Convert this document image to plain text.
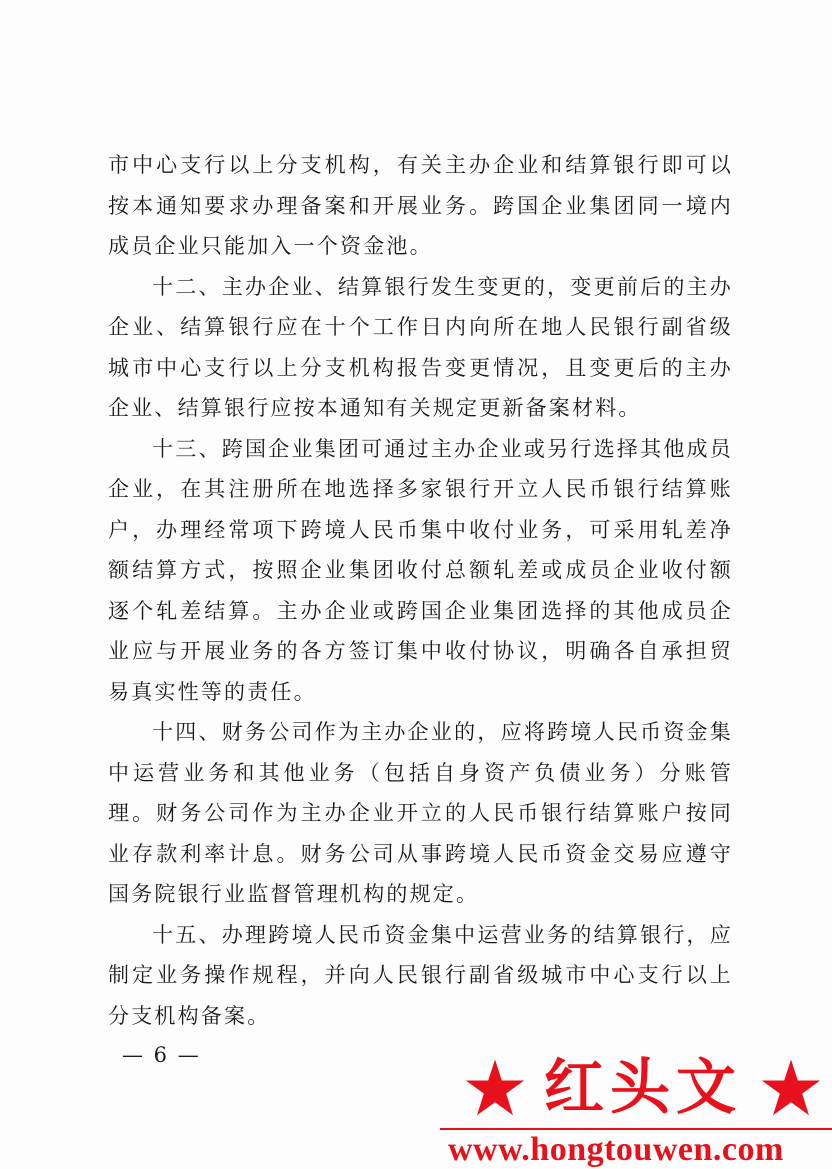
市中心支行以上分支机构，有关主办企业和结算银行即可以按本通知要求办理备案和开展业务。跨国企业集团同一境内成员企业只能加入一个资金池。

十二、主办企业、结算银行发生变更的，变更前后的主办企业、结算银行应在十个工作日内向所在地人民银行副省级城市中心支行以上分支机构报告变更情况，且变更后的主办企业、结算银行应按本通知有关规定更新备案材料。

十三、跨国企业集团可通过主办企业或另行选择其他成员企业，在其注册所在地选择多家银行开立人民币银行结算账户，办理经常项下跨境人民币集中收付业务，可采用轧差净额结算方式，按照企业集团收付总额轧差或成员企业收付额逐个轧差结算。主办企业或跨国企业集团选择的其他成员企业应与开展业务的各方签订集中收付协议，明确各自承担贸易真实性等的责任。

十四、财务公司作为主办企业的，应将跨境人民币资金集中运营业务和其他业务（包括自身资产负债业务）分账管理。财务公司作为主办企业开立的人民币银行结算账户按同业存款利率计息。财务公司从事跨境人民币资金交易应遵守国务院银行业监督管理机构的规定。

十五、办理跨境人民币资金集中运营业务的结算银行，应制定业务操作规程，并向人民银行副省级城市中心支行以上分支机构备案。

— 6 —	红头文
www.hongtouwen.com
